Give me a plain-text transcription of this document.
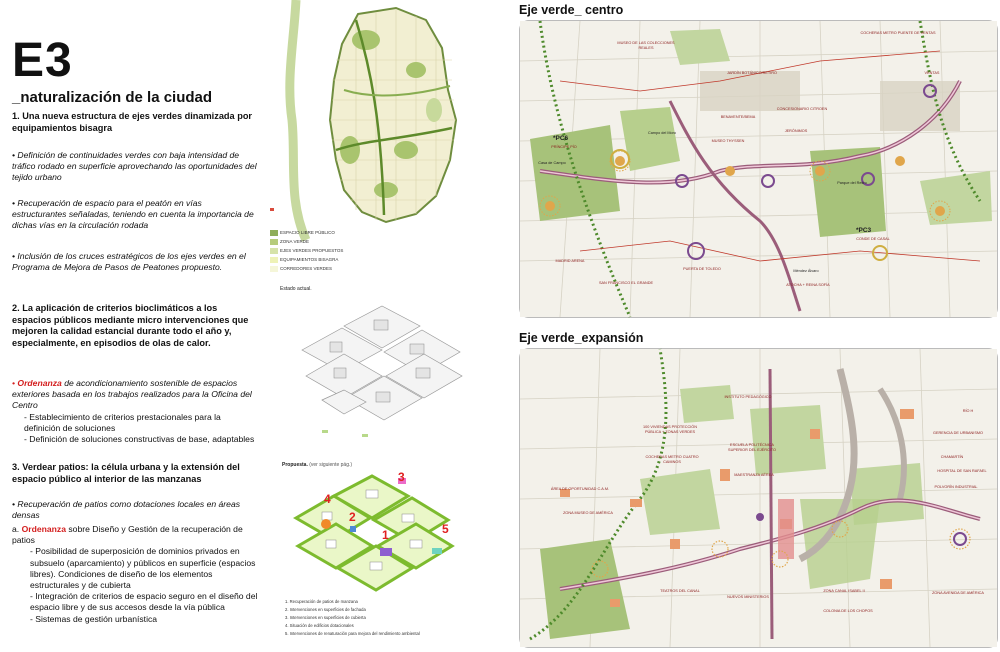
E3
_naturalización de la ciudad
1. Una nueva estructura de ejes verdes dinamizada por equipamientos bisagra
• Definición de continuidades verdes con baja intensidad de tráfico rodado en superficie aprovechando las oportunidades del tejido urbano
• Recuperación de espacio para el peatón en vías estructurantes señaladas, teniendo en cuenta la importancia de dichas vías en la circulación rodada
• Inclusión de los cruces estratégicos de los ejes verdes en el Programa de Mejora de Pasos de Peatones propuesto.
2. La aplicación de criterios bioclimáticos a los espacios públicos mediante micro intervenciones que mejoren la calidad estancial durante todo el año y, especialmente, en episodios de olas de calor.

• Ordenanza de acondicionamiento sostenible de espacios exteriores basada en los trabajos realizados para la Oficina del Centro

- Establecimiento de criterios prestacionales para la definición de soluciones

- Definición de soluciones constructivas de base, adaptables

3. Verdear patios: la célula urbana y la extensión del espacio público al interior de las manzanas
• Recuperación de patios como dotaciones locales en áreas densas

a. Ordenanza sobre Diseño y Gestión de la recuperación de patios

- Posibilidad de superposición de dominios privados en subsuelo (aparcamiento) y públicos en superficie (espacios libres). Condiciones de diseño de los elementos estructurales y de cubierta

- Integración de criterios de espacio seguro en el diseño del espacio libre y de sus accesos desde la vía pública

- Sistemas de gestión urbanística

ESPACIO LIBRE PÚBLICO
ZONA VERDE
EJES VERDES PROPUESTOS
EQUIPAMIENTOS BISAGRA
CORREDORES VERDES
Estado actual.
Propuesta. (ver siguiente pág.)
3
4
2
1	5
1. Recuperación de patios de manzana
2. Intervenciones en superficies de fachada
3. Intervenciones en superficies de cubierta
4. Situación de edificios dotacionales
5. Intervenciones de renaturación para mejora del rendimiento ambiental
Eje verde_ centro
*PC6
PRÍNCIPE PÍO
*PC3
CONDE DE CASAL
MUSEO DE LAS COLECCIONES REALES
COCHERAS METRO PUENTE DE VENTAS
JARDÍN BOTÁNICO/RETIRO
CONCESIONARIO CITROEN
BENAVENTE/BEMA
JERÓNIMOS
MUSEO THYSSEN
MADRID ARENA
PUERTA DE TOLEDO
SAN FRANCISCO EL GRANDE	ATOCHA + REINA SOFÍA
Méndez Álvaro
Campo del Moro
Casa de Campo
Parque del Retiro
VENTAS
Eje verde_expansión
INSTITUTO PEDAGÓGICO
100 VIVIENDAS PROTECCIÓN PÚBLICA + ZONAS VERDES
COCHERAS METRO CUATRO CAMINOS
ESCUELA POLITÉCNICA SUPERIOR DEL EJÉRCITO
ÁREA DE OPORTUNIDAD C.A.M.
ZONA MUSEO DE AMÉRICA
TEATROS DEL CANAL
NUEVOS MINISTERIOS
GERENCIA DE URBANISMO
CHAMARTÍN
HOSPITAL DE SAN RAFAEL
POLVORÍN INDUSTRIAL
ZONA AVENIDA DE AMÉRICA
COLONIA DE LOS CHOPOS
ZONA CANAL ISABEL II
MAESTRANZA AÉREA
RÍO H
